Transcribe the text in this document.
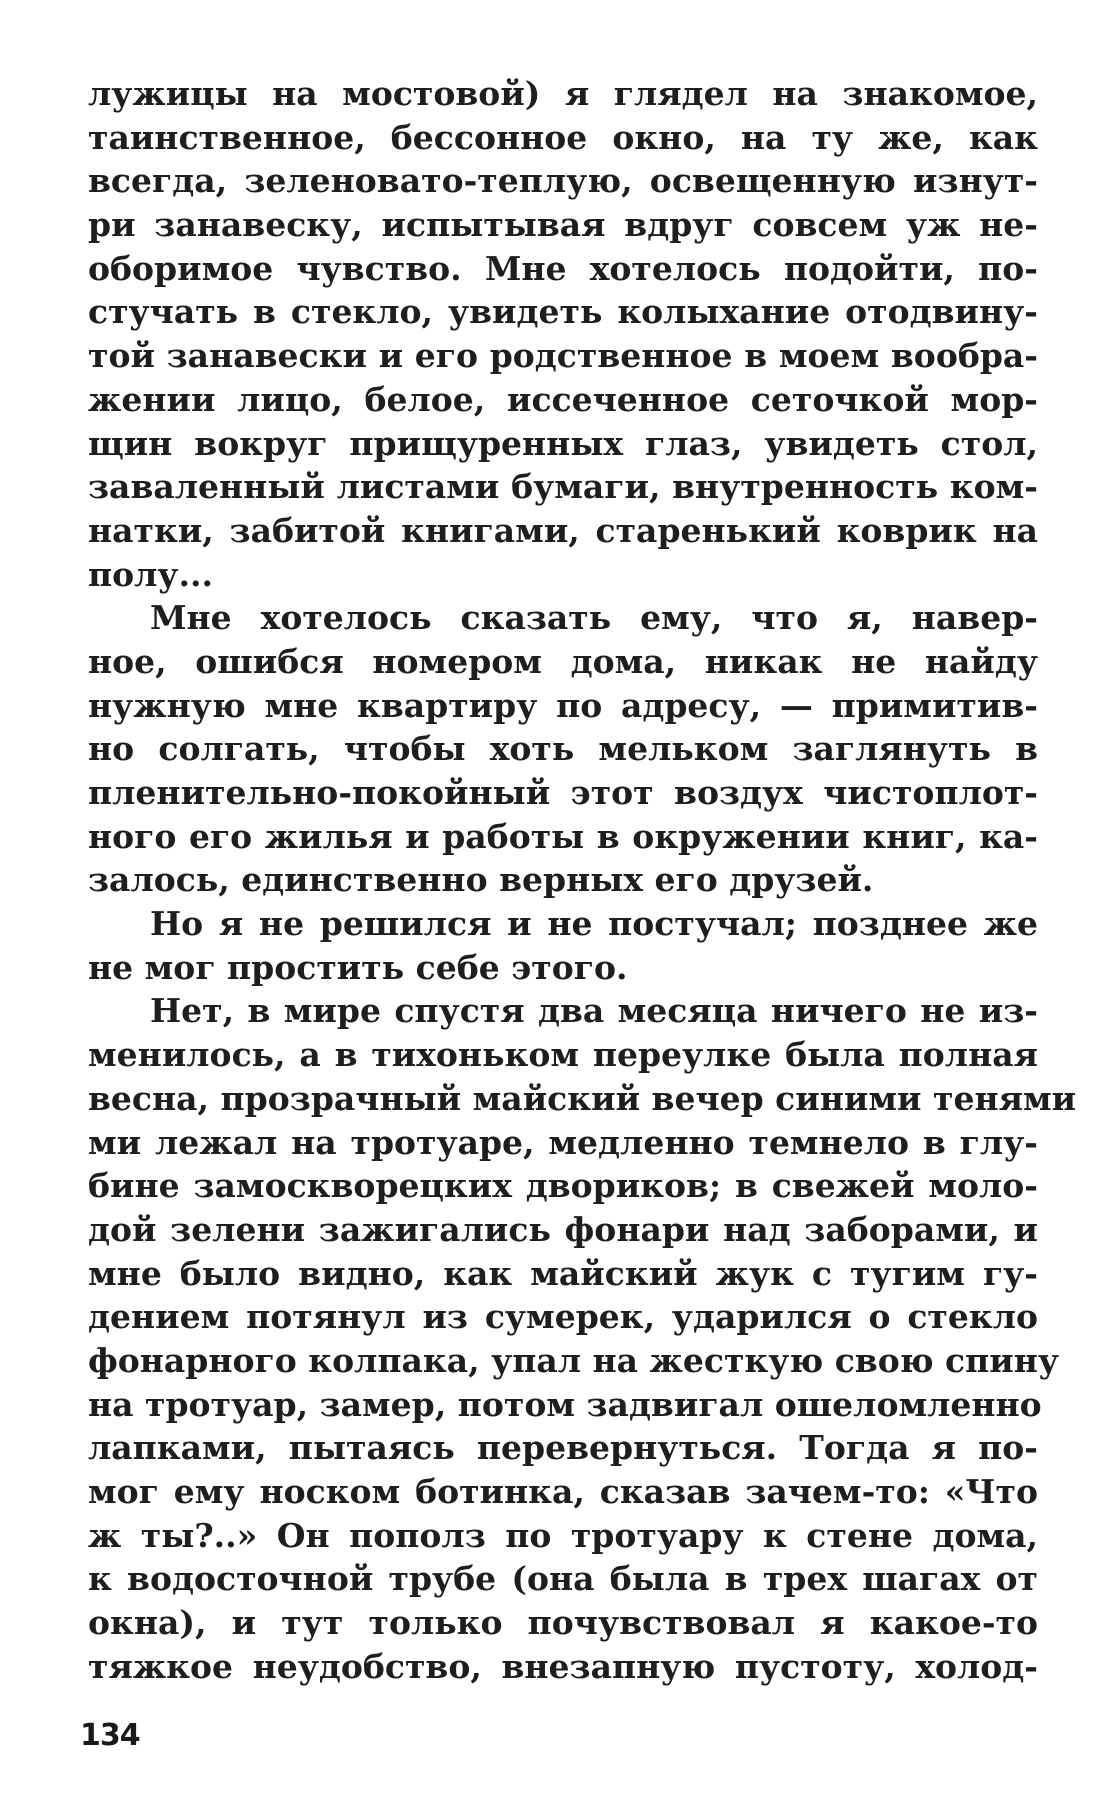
лужицы на мостовой) я глядел на знакомое,
таинственное, бессонное окно, на ту же, как
всегда, зеленовато-теплую, освещенную изнут-
ри занавеску, испытывая вдруг совсем уж не-
оборимое чувство. Мне хотелось подойти, по-
стучать в стекло, увидеть колыхание отодвину-
той занавески и его родственное в моем вообра-
жении лицо, белое, иссеченное сеточкой мор-
щин вокруг прищуренных глаз, увидеть стол,
заваленный листами бумаги, внутренность ком-
натки, забитой книгами, старенький коврик на
полу...
Мне хотелось сказать ему, что я, навер-
ное, ошибся номером дома, никак не найду
нужную мне квартиру по адресу, — примитив-
но солгать, чтобы хоть мельком заглянуть в
пленительно-покойный этот воздух чистоплот-
ного его жилья и работы в окружении книг, ка-
залось, единственно верных его друзей.
Но я не решился и не постучал; позднее же
не мог простить себе этого.
Нет, в мире спустя два месяца ничего не из-
менилось, а в тихоньком переулке была полная
весна, прозрачный майский вечер синими тенями
ми лежал на тротуаре, медленно темнело в глу-
бине замоскворецких двориков; в свежей моло-
дой зелени зажигались фонари над заборами, и
мне было видно, как майский жук с тугим гу-
дением потянул из сумерек, ударился о стекло
фонарного колпака, упал на жесткую свою спину
на тротуар, замер, потом задвигал ошеломленно
лапками, пытаясь перевернуться. Тогда я по-
мог ему носком ботинка, сказав зачем-то: «Что
ж ты?..» Он пополз по тротуару к стене дома,
к водосточной трубе (она была в трех шагах от
окна), и тут только почувствовал я какое-то
тяжкое неудобство, внезапную пустоту, холод-
134
